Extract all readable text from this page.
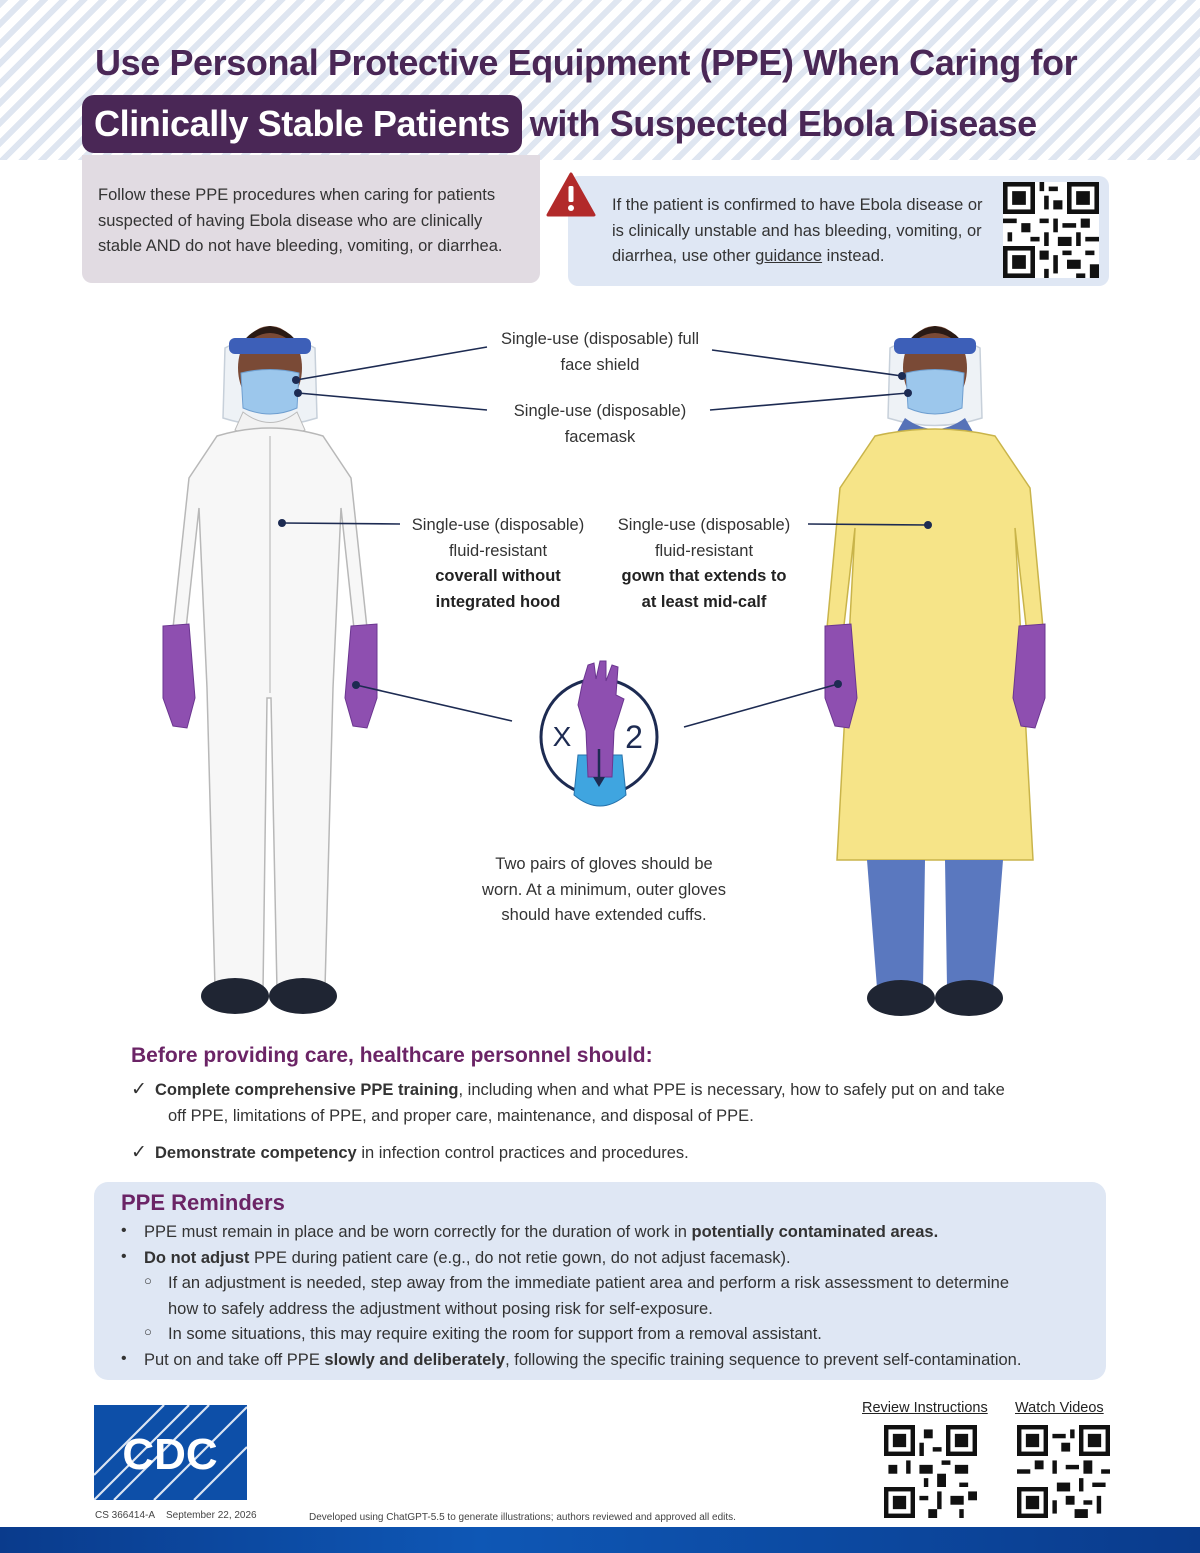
Use Personal Protective Equipment (PPE) When Caring for
Clinically Stable Patients with Suspected Ebola Disease
Follow these PPE procedures when caring for patients suspected of having Ebola disease who are clinically stable AND do not have bleeding, vomiting, or diarrhea.
If the patient is confirmed to have Ebola disease or is clinically unstable and has bleeding, vomiting, or diarrhea, use other guidance instead.
X 2
Single-use (disposable) full
face shield
Single-use (disposable)
facemask
Single-use (disposable)
fluid-resistant
coverall without
integrated hood
Single-use (disposable)
fluid-resistant
gown that extends to
at least mid-calf
Two pairs of gloves should be
worn. At a minimum, outer gloves
should have extended cuffs.
Before providing care, healthcare personnel should:
✓ Complete comprehensive PPE training, including when and what PPE is necessary, how to safely put on and take
off PPE, limitations of PPE, and proper care, maintenance, and disposal of PPE.
✓ Demonstrate competency in infection control practices and procedures.
PPE Reminders
• PPE must remain in place and be worn correctly for the duration of work in potentially contaminated areas.
• Do not adjust PPE during patient care (e.g., do not retie gown, do not adjust facemask).
○ If an adjustment is needed, step away from the immediate patient area and perform a risk assessment to determine
how to safely address the adjustment without posing risk for self-exposure.
○ In some situations, this may require exiting the room for support from a removal assistant.
• Put on and take off PPE slowly and deliberately, following the specific training sequence to prevent self-contamination.
CDC
CS 366414-A September 22, 2026	Developed using ChatGPT-5.5 to generate illustrations; authors reviewed and approved all edits.
Review Instructions Watch Videos
